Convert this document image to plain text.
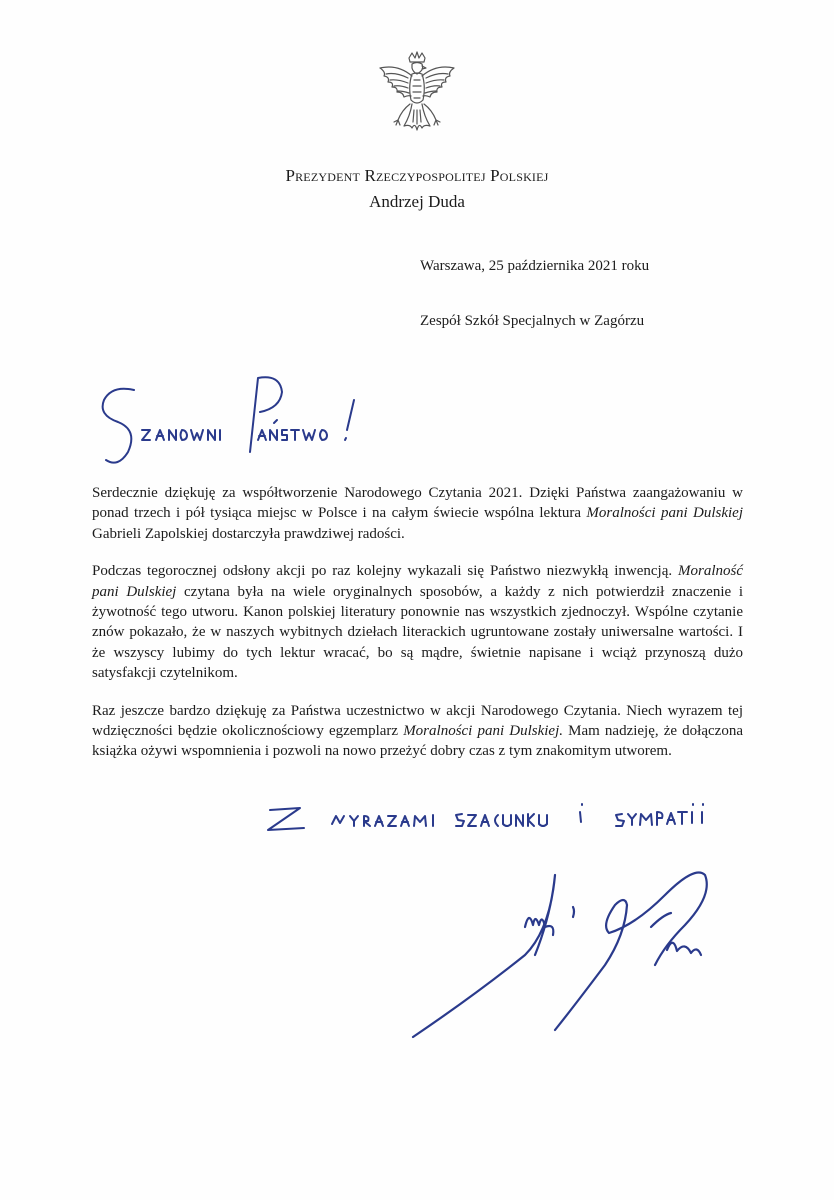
Prezydent Rzeczypospolitej Polskiej
Andrzej Duda
Warszawa, 25 października 2021 roku
Zespół Szkół Specjalnych w Zagórzu

Serdecznie dziękuję za współtworzenie Narodowego Czytania 2021. Dzięki Państwa zaangażowaniu w ponad trzech i pół tysiąca miejsc w Polsce i na całym świecie wspólna lektura Moralności pani Dulskiej Gabrieli Zapolskiej dostarczyła prawdziwej radości.

Podczas tegorocznej odsłony akcji po raz kolejny wykazali się Państwo niezwykłą inwencją. Moralność pani Dulskiej czytana była na wiele oryginalnych sposobów, a każdy z nich potwierdził znaczenie i żywotność tego utworu. Kanon polskiej literatury ponownie nas wszystkich zjednoczył. Wspólne czytanie znów pokazało, że w naszych wybitnych dziełach literackich ugruntowane zostały uniwersalne wartości. I że wszyscy lubimy do tych lektur wracać, bo są mądre, świetnie napisane i wciąż przynoszą dużo satysfakcji czytelnikom.

Raz jeszcze bardzo dziękuję za Państwa uczestnictwo w akcji Narodowego Czytania. Niech wyrazem tej wdzięczności będzie okolicznościowy egzemplarz Moralności pani Dulskiej. Mam nadzieję, że dołączona książka ożywi wspomnienia i pozwoli na nowo przeżyć dobry czas z tym znakomitym utworem.
